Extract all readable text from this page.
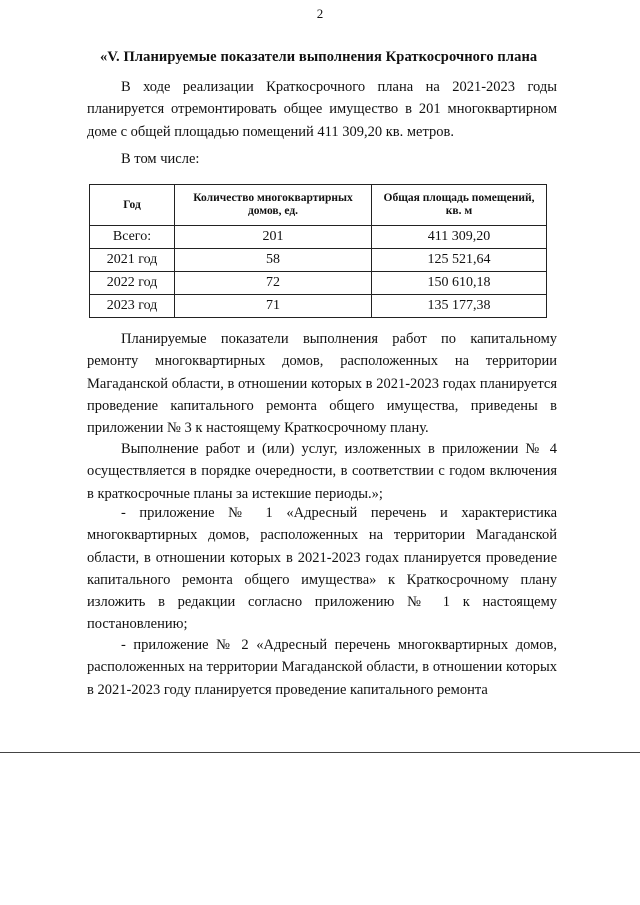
2
«V. Планируемые показатели выполнения Краткосрочного плана
В ходе реализации Краткосрочного плана на 2021-2023 годы планируется отремонтировать общее имущество в 201 многоквартирном доме с общей площадью помещений 411 309,20 кв. метров.
В том числе:
Год	Количество многоквартирных домов, ед.	Общая площадь помещений, кв. м
Всего:	201	411 309,20
2021 год	58	125 521,64
2022 год	72	150 610,18
2023 год	71	135 177,38
Планируемые показатели выполнения работ по капитальному ремонту многоквартирных домов, расположенных на территории Магаданской области, в отношении которых в 2021-2023 годах планируется проведение капитального ремонта общего имущества, приведены в приложении № 3 к настоящему Краткосрочному плану.
Выполнение работ и (или) услуг, изложенных в приложении № 4 осуществляется в порядке очередности, в соответствии с годом включения в краткосрочные планы за истекшие периоды.»;
- приложение № 1 «Адресный перечень и характеристика многоквартирных домов, расположенных на территории Магаданской области, в отношении которых в 2021-2023 годах планируется проведение капитального ремонта общего имущества» к Краткосрочному плану изложить в редакции согласно приложению № 1 к настоящему постановлению;
- приложение № 2 «Адресный перечень многоквартирных домов, расположенных на территории Магаданской области, в отношении которых в 2021-2023 году планируется проведение капитального ремонта
